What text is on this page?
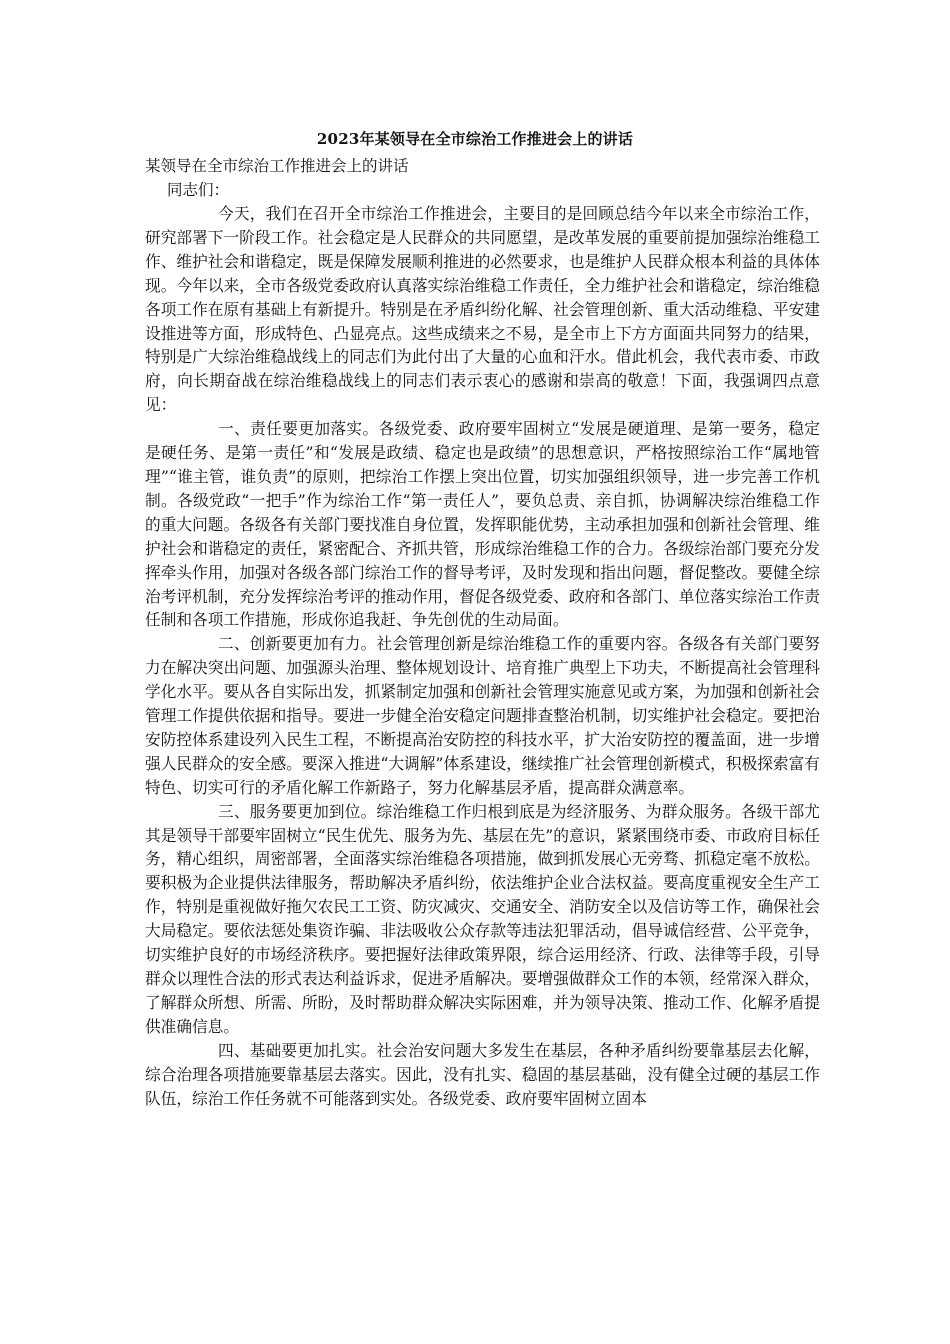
2023年某领导在全市综治工作推进会上的讲话

某领导在全市综治工作推进会上的讲话

同志们：

今天，我们在召开全市综治工作推进会，主要目的是回顾总结今年以来全市综治工作，研究部署下一阶段工作。社会稳定是人民群众的共同愿望，是改革发展的重要前提加强综治维稳工作、维护社会和谐稳定，既是保障发展顺利推进的必然要求，也是维护人民群众根本利益的具体体现。今年以来，全市各级党委政府认真落实综治维稳工作责任，全力维护社会和谐稳定，综治维稳各项工作在原有基础上有新提升。特别是在矛盾纠纷化解、社会管理创新、重大活动维稳、平安建设推进等方面，形成特色、凸显亮点。这些成绩来之不易，是全市上下方方面面共同努力的结果，特别是广大综治维稳战线上的同志们为此付出了大量的心血和汗水。借此机会，我代表市委、市政府，向长期奋战在综治维稳战线上的同志们表示衷心的感谢和崇高的敬意！下面，我强调四点意见：

一、责任要更加落实。各级党委、政府要牢固树立“发展是硬道理、是第一要务，稳定是硬任务、是第一责任”和“发展是政绩、稳定也是政绩”的思想意识，严格按照综治工作“属地管理”“谁主管，谁负责”的原则，把综治工作摆上突出位置，切实加强组织领导，进一步完善工作机制。各级党政“一把手”作为综治工作“第一责任人”，要负总责、亲自抓，协调解决综治维稳工作的重大问题。各级各有关部门要找准自身位置，发挥职能优势，主动承担加强和创新社会管理、维护社会和谐稳定的责任，紧密配合、齐抓共管，形成综治维稳工作的合力。各级综治部门要充分发挥牵头作用，加强对各级各部门综治工作的督导考评，及时发现和指出问题，督促整改。要健全综治考评机制，充分发挥综治考评的推动作用，督促各级党委、政府和各部门、单位落实综治工作责任制和各项工作措施，形成你追我赶、争先创优的生动局面。

二、创新要更加有力。社会管理创新是综治维稳工作的重要内容。各级各有关部门要努力在解决突出问题、加强源头治理、整体规划设计、培育推广典型上下功夫，不断提高社会管理科学化水平。要从各自实际出发，抓紧制定加强和创新社会管理实施意见或方案，为加强和创新社会管理工作提供依据和指导。要进一步健全治安稳定问题排查整治机制，切实维护社会稳定。要把治安防控体系建设列入民生工程，不断提高治安防控的科技水平，扩大治安防控的覆盖面，进一步增强人民群众的安全感。要深入推进“大调解”体系建设，继续推广社会管理创新模式，积极探索富有特色、切实可行的矛盾化解工作新路子，努力化解基层矛盾，提高群众满意率。

三、服务要更加到位。综治维稳工作归根到底是为经济服务、为群众服务。各级干部尤其是领导干部要牢固树立“民生优先、服务为先、基层在先”的意识，紧紧围绕市委、市政府目标任务，精心组织，周密部署，全面落实综治维稳各项措施，做到抓发展心无旁骛、抓稳定毫不放松。要积极为企业提供法律服务，帮助解决矛盾纠纷，依法维护企业合法权益。要高度重视安全生产工作，特别是重视做好拖欠农民工工资、防灾减灾、交通安全、消防安全以及信访等工作，确保社会大局稳定。要依法惩处集资诈骗、非法吸收公众存款等违法犯罪活动，倡导诚信经营、公平竞争，切实维护良好的市场经济秩序。要把握好法律政策界限，综合运用经济、行政、法律等手段，引导群众以理性合法的形式表达利益诉求，促进矛盾解决。要增强做群众工作的本领，经常深入群众，了解群众所想、所需、所盼，及时帮助群众解决实际困难，并为领导决策、推动工作、化解矛盾提供准确信息。

四、基础要更加扎实。社会治安问题大多发生在基层，各种矛盾纠纷要靠基层去化解，综合治理各项措施要靠基层去落实。因此，没有扎实、稳固的基层基础，没有健全过硬的基层工作队伍，综治工作任务就不可能落到实处。各级党委、政府要牢固树立固本
